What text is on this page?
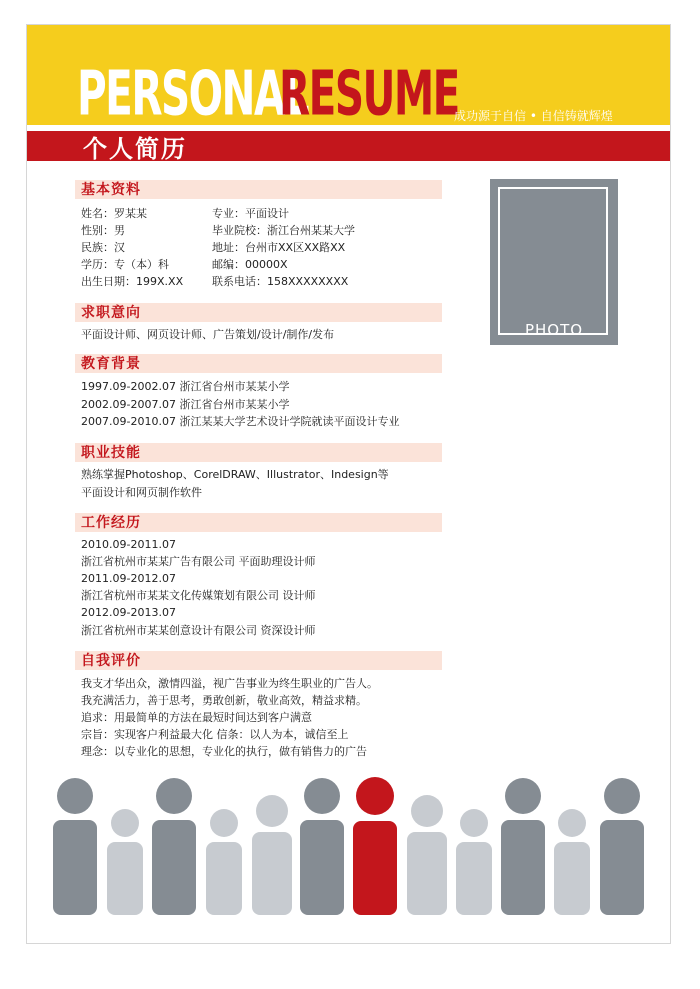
PERSONAL
RESUME
成功源于自信 • 自信铸就辉煌
个人简历
PHOTO
基本资料
姓名：罗某某
性别：男
民族：汉
学历：专（本）科
出生日期：199X.XX
专业：平面设计
毕业院校：浙江台州某某大学
地址：台州市XX区XX路XX
邮编：00000X
联系电话：158XXXXXXXX
求职意向
平面设计师、网页设计师、广告策划/设计/制作/发布
教育背景
1997.09-2002.07 浙江省台州市某某小学
2002.09-2007.07 浙江省台州市某某小学
2007.09-2010.07 浙江某某大学艺术设计学院就读平面设计专业
职业技能
熟练掌握Photoshop、CorelDRAW、Illustrator、Indesign等
平面设计和网页制作软件
工作经历
2010.09-2011.07
浙江省杭州市某某广告有限公司 平面助理设计师
2011.09-2012.07
浙江省杭州市某某文化传媒策划有限公司 设计师
2012.09-2013.07
浙江省杭州市某某创意设计有限公司 资深设计师
自我评价
我支才华出众，激情四溢，视广告事业为终生职业的广告人。
我充满活力，善于思考，勇敢创新，敬业高效，精益求精。
追求：用最简单的方法在最短时间达到客户满意
宗旨：实现客户利益最大化 信条：以人为本，诚信至上
理念：以专业化的思想，专业化的执行，做有销售力的广告
